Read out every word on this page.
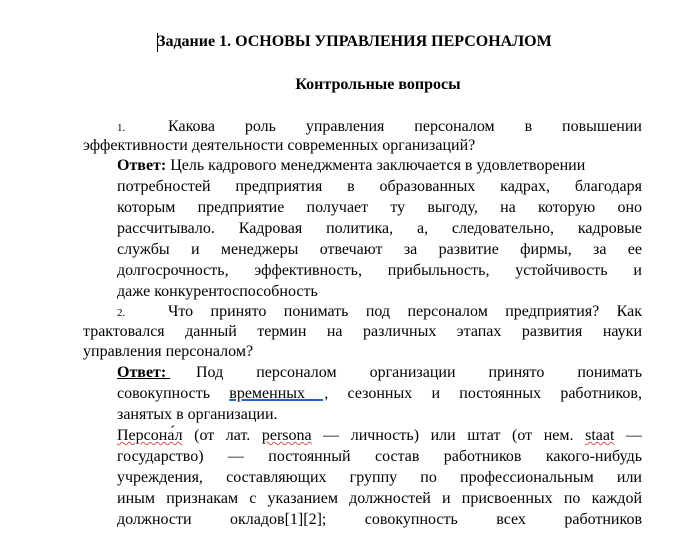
Задание 1. ОСНОВЫ УПРАВЛЕНИЯ ПЕРСОНАЛОМ
Контрольные вопросы
1.	Какова роль управления персоналом в повышении
эффективности деятельности современных организаций?
Ответ: Цель кадрового менеджмента заключается в удовлетворении
потребностей предприятия в образованных кадрах, благодаря
которым предприятие получает ту выгоду, на которую оно
рассчитывало. Кадровая политика, а, следовательно, кадровые
службы и менеджеры отвечают за развитие фирмы, за ее
долгосрочность, эффективность, прибыльность, устойчивость и
даже конкурентоспособность
2.	Что принято понимать под персоналом предприятия? Как
трактовался данный термин на различных этапах развития науки
управления персоналом?
Ответ:	Под персоналом организации принято понимать
совокупность временных , сезонных и постоянных работников,
занятых в организации.
Персона́л (от лат. persona — личность) или штат (от нем. staat —
государство) — постоянный состав работников какого-нибудь
учреждения, составляющих группу по профессиональным или
иным признакам с указанием должностей и присвоенных по каждой
должности окладов[1][2]; совокупность всех работников
